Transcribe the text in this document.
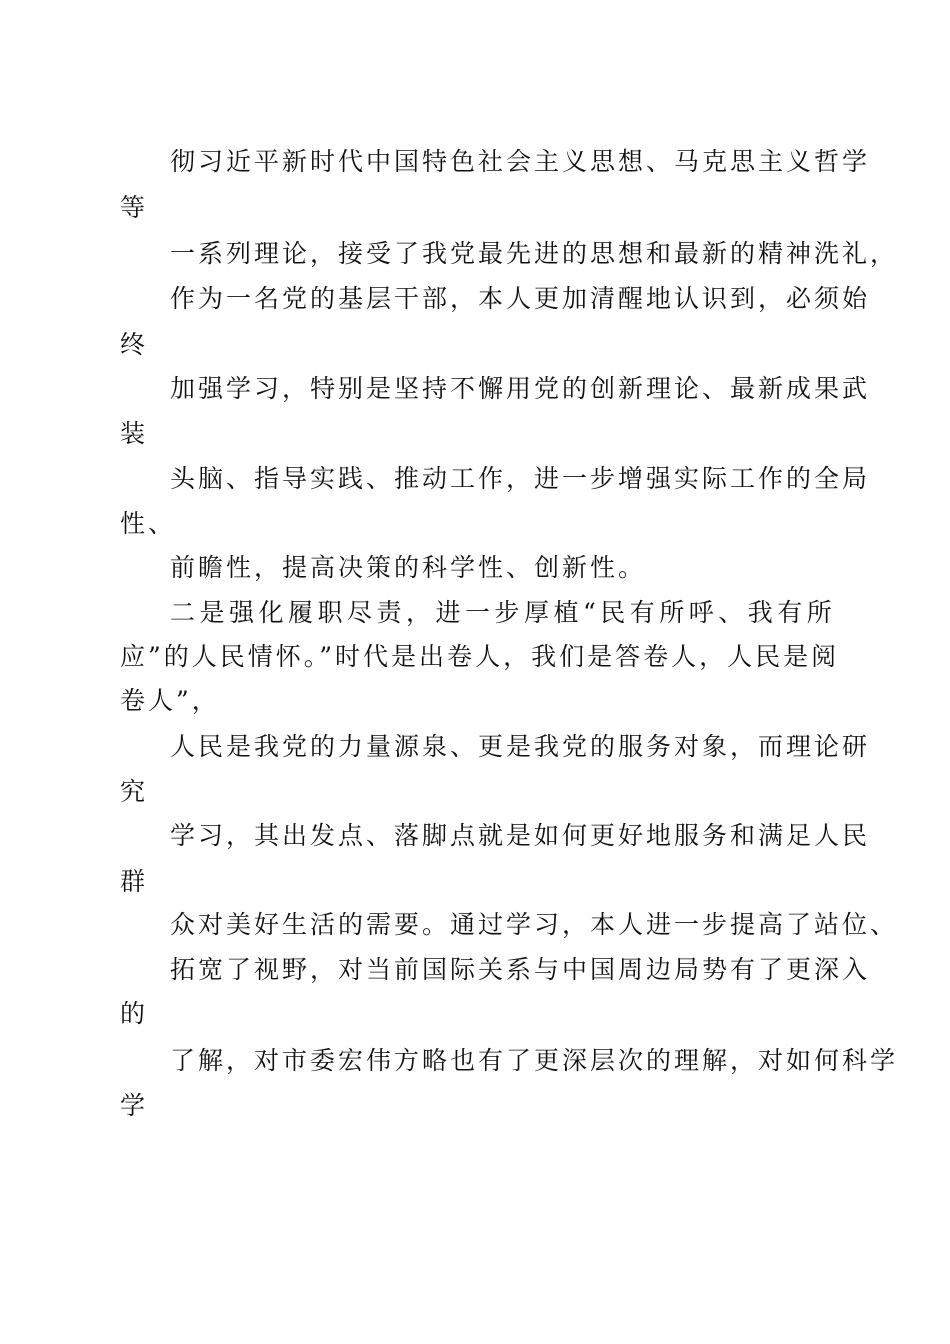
彻习近平新时代中国特色社会主义思想、马克思主义哲学
等
一系列理论，接受了我党最先进的思想和最新的精神洗礼，
作为一名党的基层干部，本人更加清醒地认识到，必须始
终
加强学习，特别是坚持不懈用党的创新理论、最新成果武
装
头脑、指导实践、推动工作，进一步增强实际工作的全局
性、
前瞻性，提高决策的科学性、创新性。
二是强化履职尽责，进一步厚植“民有所呼、我有所
应”的人民情怀。”时代是出卷人，我们是答卷人，人民是阅
卷人”，
人民是我党的力量源泉、更是我党的服务对象，而理论研
究
学习，其出发点、落脚点就是如何更好地服务和满足人民
群
众对美好生活的需要。通过学习，本人进一步提高了站位、
拓宽了视野，对当前国际关系与中国周边局势有了更深入
的
了解，对市委宏伟方略也有了更深层次的理解，对如何科学
学
